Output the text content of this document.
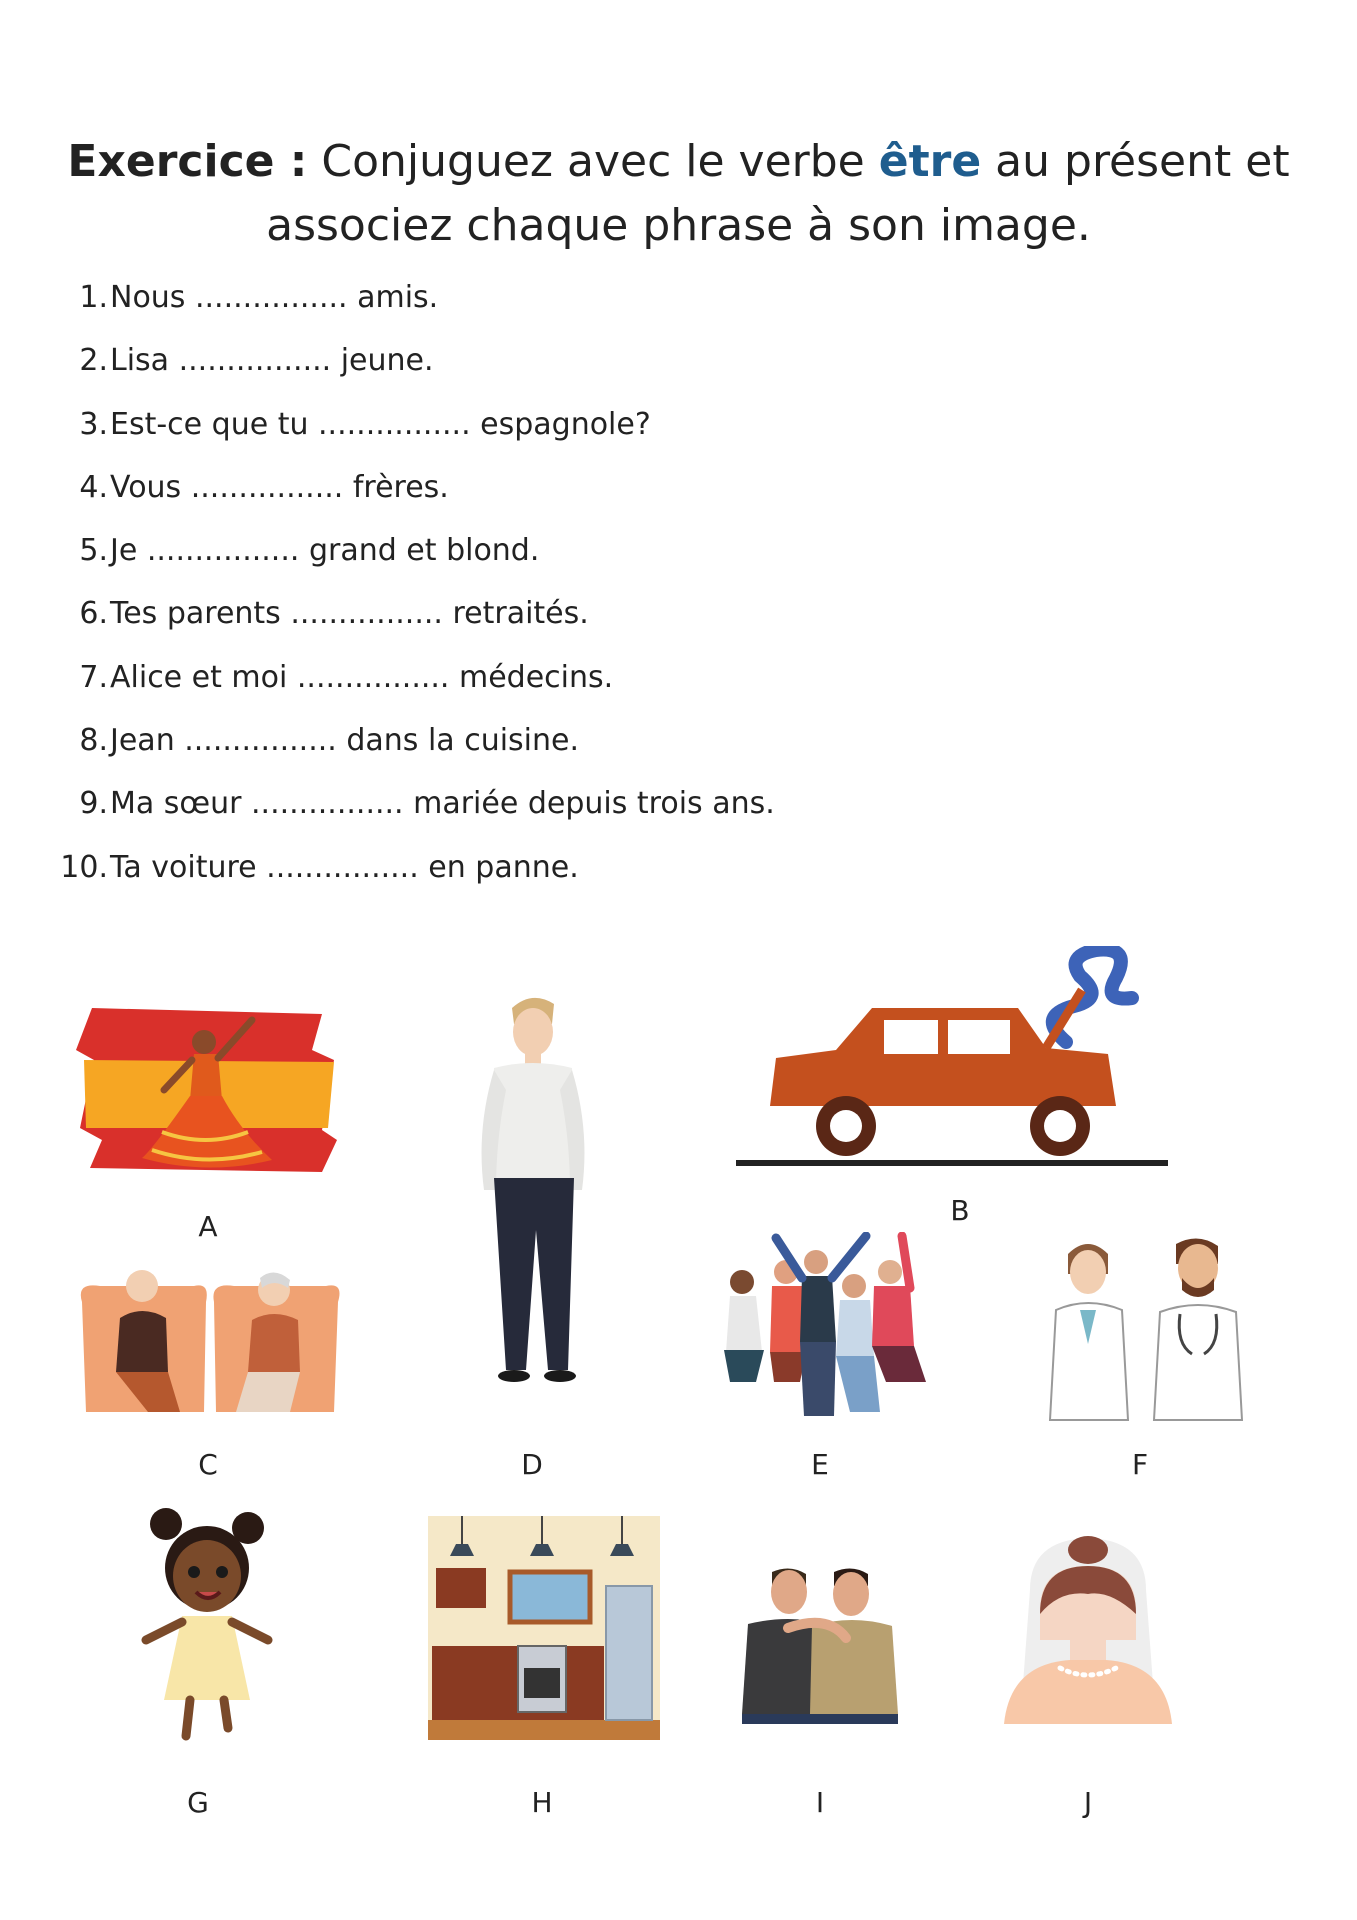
Exercice : Conjuguez avec le verbe être au présent et
associez chaque phrase à son image.
1. Nous ................ amis.
2. Lisa ................ jeune.
3. Est-ce que tu ................ espagnole?
4. Vous ................ frères.
5. Je ................ grand et blond.
6. Tes parents ................ retraités.
7. Alice et moi ................ médecins.
8. Jean ................ dans la cuisine.
9. Ma sœur ................ mariée depuis trois ans.
10. Ta voiture ................ en panne.
A
D
B
C	E	F
G	H	I	J
